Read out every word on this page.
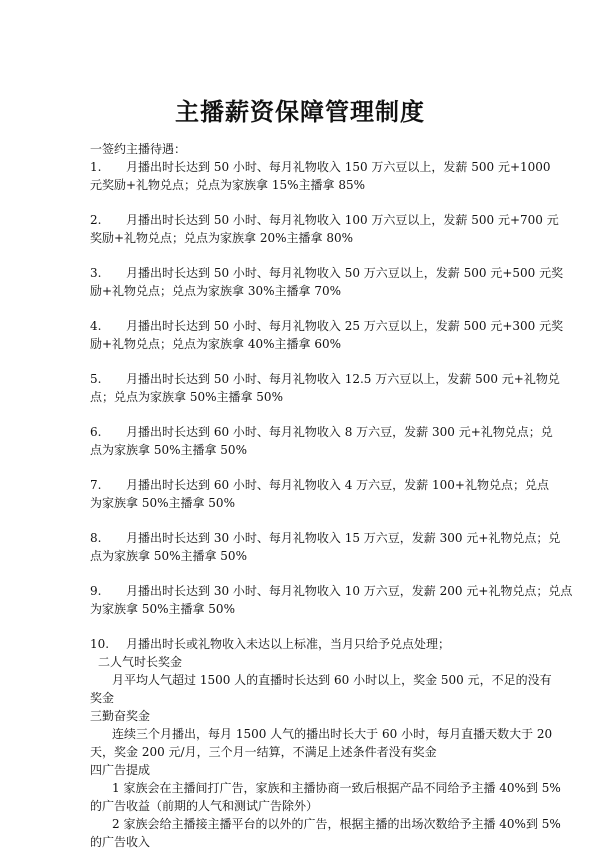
主播薪资保障管理制度

一签约主播待遇：

1. 月播出时长达到 50 小时、每月礼物收入 150 万六豆以上，发薪 500 元+1000

元奖励+礼物兑点；兑点为家族拿 15%主播拿 85%

2. 月播出时长达到 50 小时、每月礼物收入 100 万六豆以上，发薪 500 元+700 元

奖励+礼物兑点；兑点为家族拿 20%主播拿 80%

3. 月播出时长达到 50 小时、每月礼物收入 50 万六豆以上，发薪 500 元+500 元奖

励+礼物兑点；兑点为家族拿 30%主播拿 70%

4. 月播出时长达到 50 小时、每月礼物收入 25 万六豆以上，发薪 500 元+300 元奖

励+礼物兑点；兑点为家族拿 40%主播拿 60%

5. 月播出时长达到 50 小时、每月礼物收入 12.5 万六豆以上，发薪 500 元+礼物兑

点；兑点为家族拿 50%主播拿 50%

6. 月播出时长达到 60 小时、每月礼物收入 8 万六豆，发薪 300 元+礼物兑点；兑

点为家族拿 50%主播拿 50%

7. 月播出时长达到 60 小时、每月礼物收入 4 万六豆，发薪 100+礼物兑点；兑点

为家族拿 50%主播拿 50%

8. 月播出时长达到 30 小时、每月礼物收入 15 万六豆，发薪 300 元+礼物兑点；兑

点为家族拿 50%主播拿 50%

9. 月播出时长达到 30 小时、每月礼物收入 10 万六豆，发薪 200 元+礼物兑点；兑点

为家族拿 50%主播拿 50%

10. 月播出时长或礼物收入未达以上标准，当月只给予兑点处理；

二人气时长奖金

月平均人气超过 1500 人的直播时长达到 60 小时以上，奖金 500 元，不足的没有

奖金

三勤奋奖金

连续三个月播出，每月 1500 人气的播出时长大于 60 小时，每月直播天数大于 20

天，奖金 200 元/月，三个月一结算，不满足上述条件者没有奖金

四广告提成

1 家族会在主播间打广告，家族和主播协商一致后根据产品不同给予主播 40%到 5%

的广告收益（前期的人气和测试广告除外）

2 家族会给主播接主播平台的以外的广告，根据主播的出场次数给予主播 40%到 5%

的广告收入
